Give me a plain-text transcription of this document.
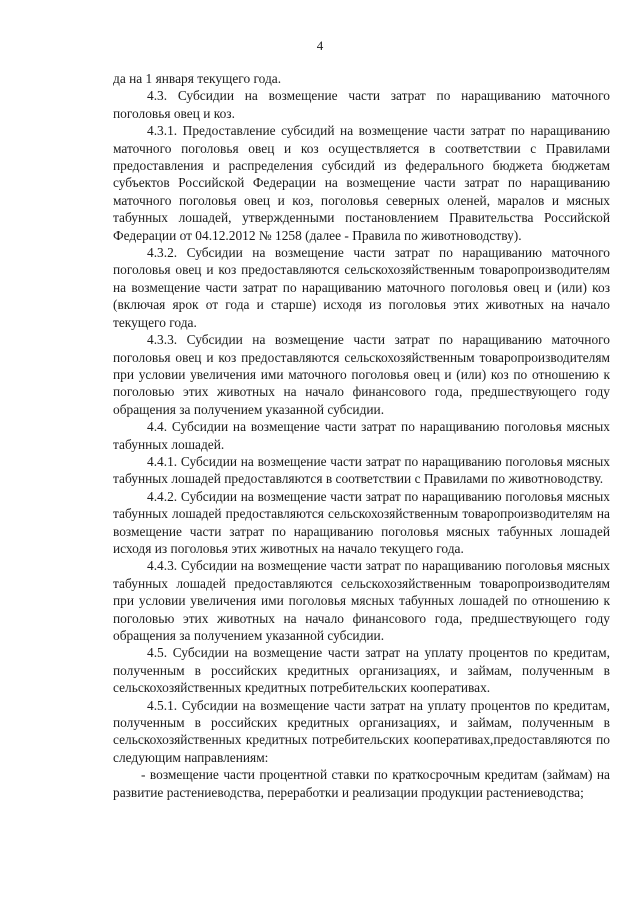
4

да на 1 января текущего года.

4.3. Субсидии на возмещение части затрат по наращиванию маточного поголовья овец и коз.

4.3.1. Предоставление субсидий на возмещение части затрат по наращиванию маточного поголовья овец и коз осуществляется в соответствии с Правилами предоставления и распределения субсидий из федерального бюджета бюджетам субъектов Российской Федерации на возмещение части затрат по наращиванию маточного поголовья овец и коз, поголовья северных оленей, маралов и мясных табунных лошадей, утвержденными постановлением Правительства Российской Федерации от 04.12.2012 № 1258 (далее - Правила по животноводству).

4.3.2. Субсидии на возмещение части затрат по наращиванию маточного поголовья овец и коз предоставляются сельскохозяйственным товаропроизводителям на возмещение части затрат по наращиванию маточного поголовья овец и (или) коз (включая ярок от года и старше) исходя из поголовья этих животных на начало текущего года.

4.3.3. Субсидии на возмещение части затрат по наращиванию маточного поголовья овец и коз предоставляются сельскохозяйственным товаропроизводителям при условии увеличения ими маточного поголовья овец и (или) коз по отношению к поголовью этих животных на начало финансового года, предшествующего году обращения за получением указанной субсидии.

4.4. Субсидии на возмещение части затрат по наращиванию поголовья мясных табунных лошадей.

4.4.1. Субсидии на возмещение части затрат по наращиванию поголовья мясных табунных лошадей предоставляются в соответствии с Правилами по животноводству.

4.4.2. Субсидии на возмещение части затрат по наращиванию поголовья мясных табунных лошадей предоставляются сельскохозяйственным товаропроизводителям на возмещение части затрат по наращиванию поголовья мясных табунных лошадей исходя из поголовья этих животных на начало текущего года.

4.4.3. Субсидии на возмещение части затрат по наращиванию поголовья мясных табунных лошадей предоставляются сельскохозяйственным товаропроизводителям при условии увеличения ими поголовья мясных табунных лошадей по отношению к поголовью этих животных на начало финансового года, предшествующего году обращения за получением указанной субсидии.

4.5. Субсидии на возмещение части затрат на уплату процентов по кредитам, полученным в российских кредитных организациях, и займам, полученным в сельскохозяйственных кредитных потребительских кооперативах.

4.5.1. Субсидии на возмещение части затрат на уплату процентов по кредитам, полученным в российских кредитных организациях, и займам, полученным в сельскохозяйственных кредитных потребительских кооперативах,предоставляются по следующим направлениям:

- возмещение части процентной ставки по краткосрочным кредитам (займам) на развитие растениеводства, переработки и реализации продукции растениеводства;
